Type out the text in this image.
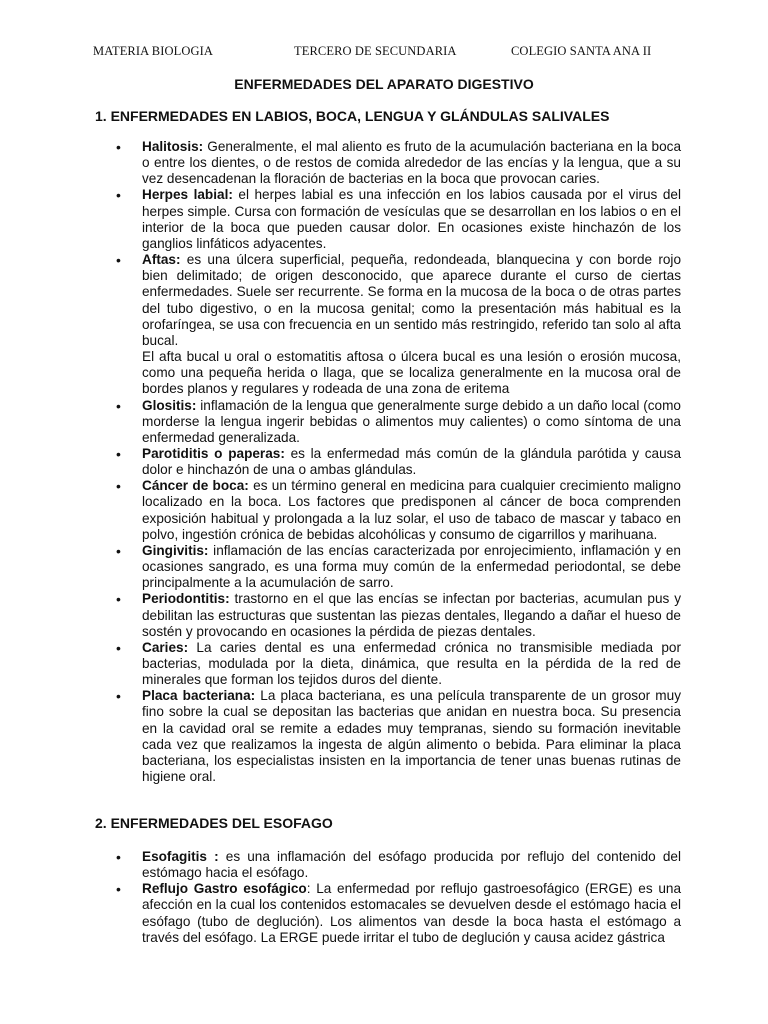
MATERIA BIOLOGIA	TERCERO DE SECUNDARIA	COLEGIO SANTA ANA II
ENFERMEDADES DEL APARATO DIGESTIVO
1. ENFERMEDADES EN LABIOS, BOCA, LENGUA Y GLÁNDULAS SALIVALES
• Halitosis: Generalmente, el mal aliento es fruto de la acumulación bacteriana en la boca o entre los dientes, o de restos de comida alrededor de las encías y la lengua, que a su vez desencadenan la floración de bacterias en la boca que provocan caries.
• Herpes labial: el herpes labial es una infección en los labios causada por el virus del herpes simple. Cursa con formación de vesículas que se desarrollan en los labios o en el interior de la boca que pueden causar dolor. En ocasiones existe hinchazón de los ganglios linfáticos adyacentes.
• Aftas: es una úlcera superficial, pequeña, redondeada, blanquecina y con borde rojo bien delimitado; de origen desconocido, que aparece durante el curso de ciertas enfermedades. Suele ser recurrente. Se forma en la mucosa de la boca o de otras partes del tubo digestivo, o en la mucosa genital; como la presentación más habitual es la orofaríngea, se usa con frecuencia en un sentido más restringido, referido tan solo al afta bucal.
El afta bucal u oral o estomatitis aftosa o úlcera bucal es una lesión o erosión mucosa, como una pequeña herida o llaga, que se localiza generalmente en la mucosa oral de bordes planos y regulares y rodeada de una zona de eritema
• Glositis: inflamación de la lengua que generalmente surge debido a un daño local (como morderse la lengua ingerir bebidas o alimentos muy calientes) o como síntoma de una enfermedad generalizada.
• Parotiditis o paperas: es la enfermedad más común de la glándula parótida y causa dolor e hinchazón de una o ambas glándulas.
• Cáncer de boca: es un término general en medicina para cualquier crecimiento maligno localizado en la boca. Los factores que predisponen al cáncer de boca comprenden exposición habitual y prolongada a la luz solar, el uso de tabaco de mascar y tabaco en polvo, ingestión crónica de bebidas alcohólicas y consumo de cigarrillos y marihuana.
• Gingivitis: inflamación de las encías caracterizada por enrojecimiento, inflamación y en ocasiones sangrado, es una forma muy común de la enfermedad periodontal, se debe principalmente a la acumulación de sarro.
• Periodontitis: trastorno en el que las encías se infectan por bacterias, acumulan pus y debilitan las estructuras que sustentan las piezas dentales, llegando a dañar el hueso de sostén y provocando en ocasiones la pérdida de piezas dentales.
• Caries: La caries dental es una enfermedad crónica no transmisible mediada por bacterias, modulada por la dieta, dinámica, que resulta en la pérdida de la red de minerales que forman los tejidos duros del diente.
• Placa bacteriana: La placa bacteriana, es una película transparente de un grosor muy fino sobre la cual se depositan las bacterias que anidan en nuestra boca. Su presencia en la cavidad oral se remite a edades muy tempranas, siendo su formación inevitable cada vez que realizamos la ingesta de algún alimento o bebida. Para eliminar la placa bacteriana, los especialistas insisten en la importancia de tener unas buenas rutinas de higiene oral.
2. ENFERMEDADES DEL ESOFAGO
• Esofagitis : es una inflamación del esófago producida por reflujo del contenido del estómago hacia el esófago.
• Reflujo Gastro esofágico: La enfermedad por reflujo gastroesofágico (ERGE) es una afección en la cual los contenidos estomacales se devuelven desde el estómago hacia el esófago (tubo de deglución). Los alimentos van desde la boca hasta el estómago a través del esófago. La ERGE puede irritar el tubo de deglución y causa acidez gástrica
